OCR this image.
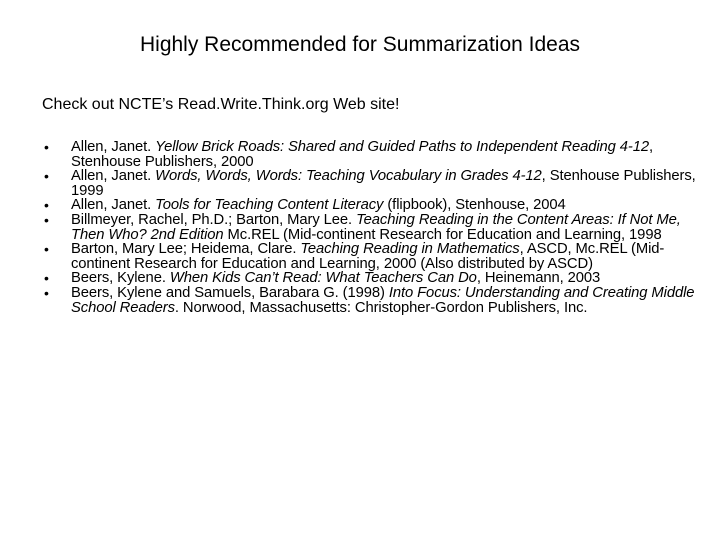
Highly Recommended for Summarization Ideas
Check out NCTE’s Read.Write.Think.org Web site!
• Allen, Janet. Yellow Brick Roads: Shared and Guided Paths to Independent Reading 4-12, Stenhouse Publishers, 2000
• Allen, Janet. Words, Words, Words: Teaching Vocabulary in Grades 4-12, Stenhouse Publishers, 1999
• Allen, Janet. Tools for Teaching Content Literacy (flipbook), Stenhouse, 2004
• Billmeyer, Rachel, Ph.D.; Barton, Mary Lee. Teaching Reading in the Content Areas: If Not Me, Then Who? 2nd Edition Mc.REL (Mid-continent Research for Education and Learning, 1998
• Barton, Mary Lee; Heidema, Clare. Teaching Reading in Mathematics, ASCD, Mc.REL (Mid-continent Research for Education and Learning, 2000 (Also distributed by ASCD)
• Beers, Kylene. When Kids Can’t Read: What Teachers Can Do, Heinemann, 2003
• Beers, Kylene and Samuels, Barabara G. (1998) Into Focus: Understanding and Creating Middle School Readers. Norwood, Massachusetts: Christopher-Gordon Publishers, Inc.
